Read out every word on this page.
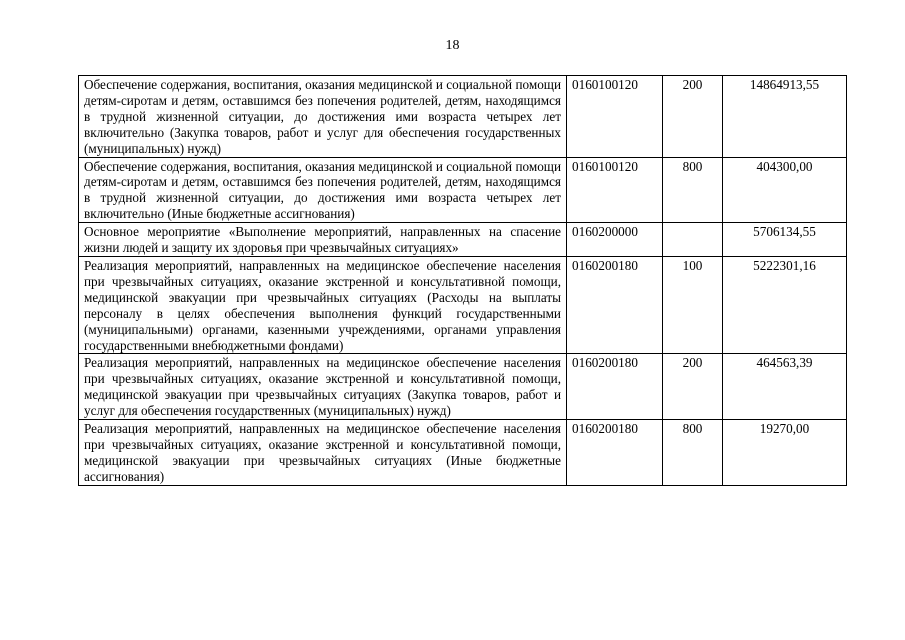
18
Обеспечение содержания, воспитания, оказания медицинской и социальной помощи детям-сиротам и детям, оставшимся без попечения родителей, детям, находящимся в трудной жизненной ситуации, до достижения ими возраста четырех лет включительно (Закупка товаров, работ и услуг для обеспечения государственных (муниципальных) нужд)	0160100120	200	14864913,55
Обеспечение содержания, воспитания, оказания медицинской и социальной помощи детям-сиротам и детям, оставшимся без попечения родителей, детям, находящимся в трудной жизненной ситуации, до достижения ими возраста четырех лет включительно (Иные бюджетные ассигнования)	0160100120	800	404300,00
Основное мероприятие «Выполнение мероприятий, направленных на спасение жизни людей и защиту их здоровья при чрезвычайных ситуациях»	0160200000		5706134,55
Реализация мероприятий, направленных на медицинское обеспечение населения при чрезвычайных ситуациях, оказание экстренной и консультативной помощи, медицинской эвакуации при чрезвычайных ситуациях (Расходы на выплаты персоналу в целях обеспечения выполнения функций государственными (муниципальными) органами, казенными учреждениями, органами управления государственными внебюджетными фондами)	0160200180	100	5222301,16
Реализация мероприятий, направленных на медицинское обеспечение населения при чрезвычайных ситуациях, оказание экстренной и консультативной помощи, медицинской эвакуации при чрезвычайных ситуациях (Закупка товаров, работ и услуг для обеспечения государственных (муниципальных) нужд)	0160200180	200	464563,39
Реализация мероприятий, направленных на медицинское обеспечение населения при чрезвычайных ситуациях, оказание экстренной и консультативной помощи, медицинской эвакуации при чрезвычайных ситуациях (Иные бюджетные ассигнования)	0160200180	800	19270,00
